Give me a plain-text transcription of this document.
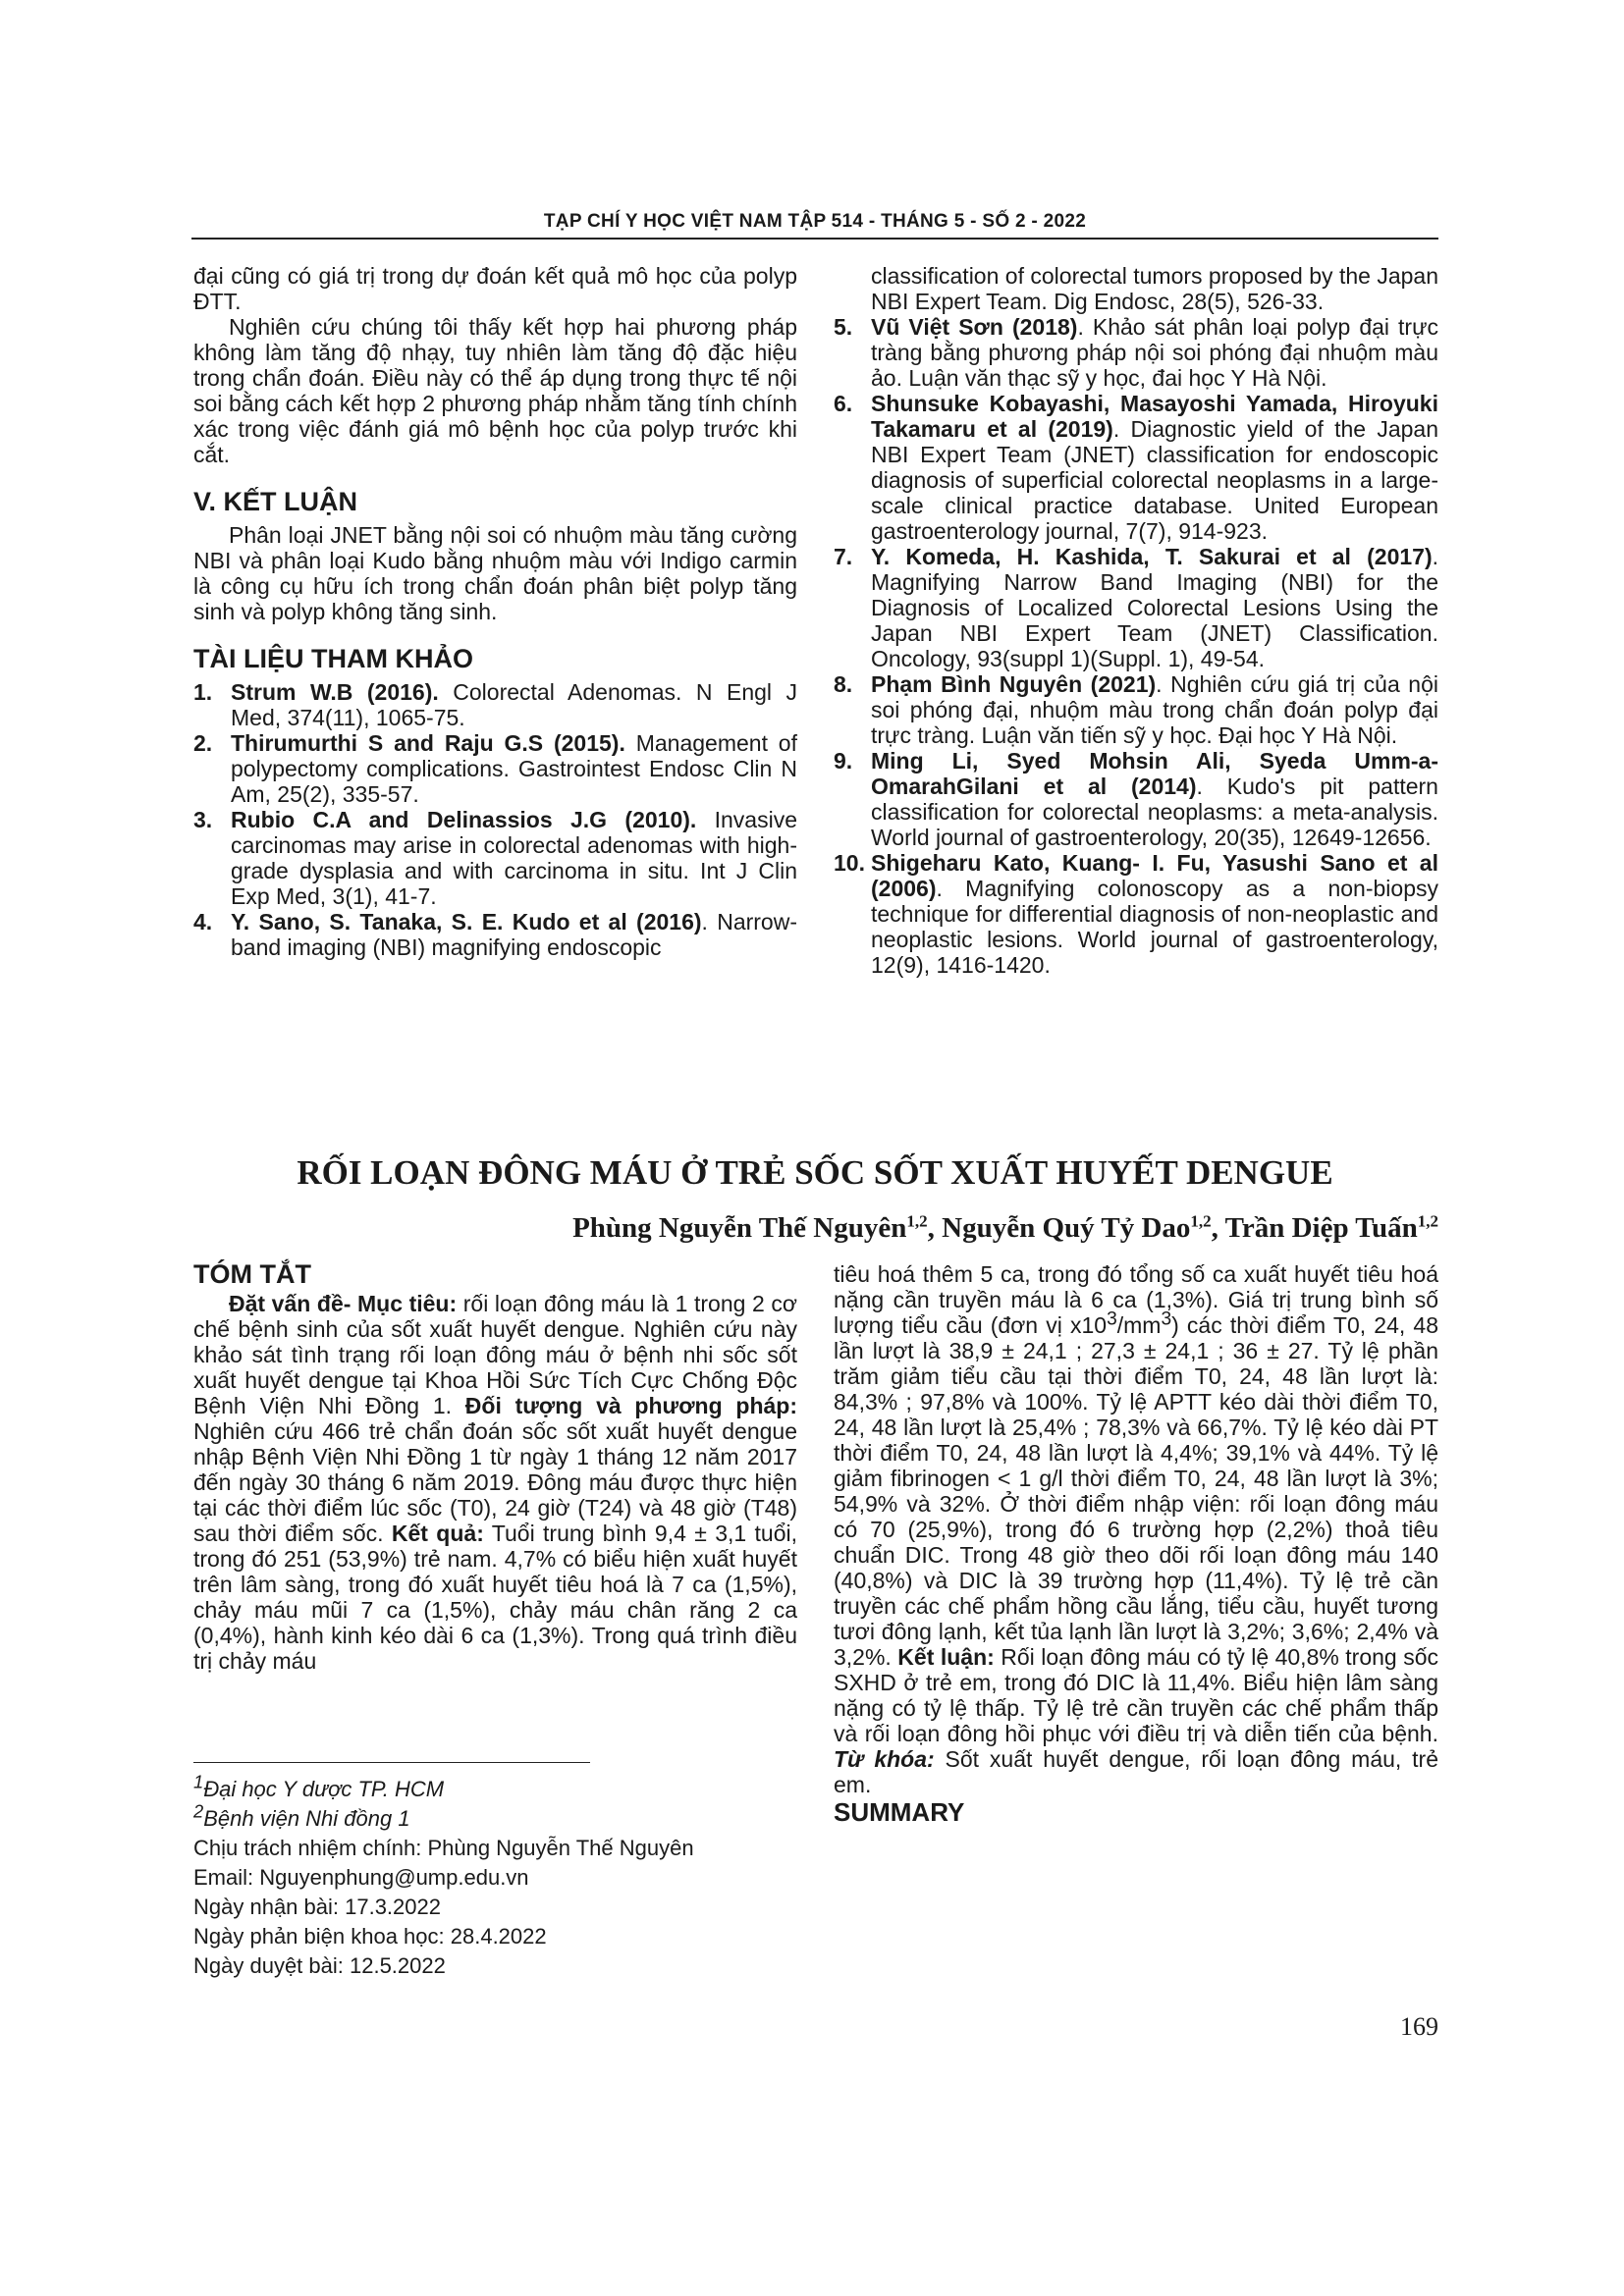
TẠP CHÍ Y HỌC VIỆT NAM TẬP 514 - THÁNG 5 - SỐ 2 - 2022

đại cũng có giá trị trong dự đoán kết quả mô học của polyp ĐTT.

Nghiên cứu chúng tôi thấy kết hợp hai phương pháp không làm tăng độ nhạy, tuy nhiên làm tăng độ đặc hiệu trong chẩn đoán. Điều này có thể áp dụng trong thực tế nội soi bằng cách kết hợp 2 phương pháp nhằm tăng tính chính xác trong việc đánh giá mô bệnh học của polyp trước khi cắt.

V. KẾT LUẬN

Phân loại JNET bằng nội soi có nhuộm màu tăng cường NBI và phân loại Kudo bằng nhuộm màu với Indigo carmin là công cụ hữu ích trong chẩn đoán phân biệt polyp tăng sinh và polyp không tăng sinh.

TÀI LIỆU THAM KHẢO
1. Strum W.B (2016). Colorectal Adenomas. N Engl J Med, 374(11), 1065-75.
2. Thirumurthi S and Raju G.S (2015). Management of polypectomy complications. Gastrointest Endosc Clin N Am, 25(2), 335-57.
3. Rubio C.A and Delinassios J.G (2010). Invasive carcinomas may arise in colorectal adenomas with high-grade dysplasia and with carcinoma in situ. Int J Clin Exp Med, 3(1), 41-7.
4. Y. Sano, S. Tanaka, S. E. Kudo et al (2016). Narrow-band imaging (NBI) magnifying endoscopic
classification of colorectal tumors proposed by the Japan NBI Expert Team. Dig Endosc, 28(5), 526-33.
5. Vũ Việt Sơn (2018). Khảo sát phân loại polyp đại trực tràng bằng phương pháp nội soi phóng đại nhuộm màu ảo. Luận văn thạc sỹ y học, đai học Y Hà Nội.
6. Shunsuke Kobayashi, Masayoshi Yamada, Hiroyuki Takamaru et al (2019). Diagnostic yield of the Japan NBI Expert Team (JNET) classification for endoscopic diagnosis of superficial colorectal neoplasms in a large-scale clinical practice database. United European gastroenterology journal, 7(7), 914-923.
7. Y. Komeda, H. Kashida, T. Sakurai et al (2017). Magnifying Narrow Band Imaging (NBI) for the Diagnosis of Localized Colorectal Lesions Using the Japan NBI Expert Team (JNET) Classification. Oncology, 93(suppl 1)(Suppl. 1), 49-54.
8. Phạm Bình Nguyên (2021). Nghiên cứu giá trị của nội soi phóng đại, nhuộm màu trong chẩn đoán polyp đại trực tràng. Luận văn tiến sỹ y học. Đại học Y Hà Nội.
9. Ming Li, Syed Mohsin Ali, Syeda Umm-a-OmarahGilani et al (2014). Kudo's pit pattern classification for colorectal neoplasms: a meta-analysis. World journal of gastroenterology, 20(35), 12649-12656.
10. Shigeharu Kato, Kuang- I. Fu, Yasushi Sano et al (2006). Magnifying colonoscopy as a non-biopsy technique for differential diagnosis of non-neoplastic and neoplastic lesions. World journal of gastroenterology, 12(9), 1416-1420.
RỐI LOẠN ĐÔNG MÁU Ở TRẺ SỐC SỐT XUẤT HUYẾT DENGUE
Phùng Nguyễn Thế Nguyên$^{1,2}$, Nguyễn Quý Tỷ Dao$^{1,2}$, Trần Diệp Tuấn$^{1,2}$
TÓM TẮT

Đặt vấn đề- Mục tiêu: rối loạn đông máu là 1 trong 2 cơ chế bệnh sinh của sốt xuất huyết dengue. Nghiên cứu này khảo sát tình trạng rối loạn đông máu ở bệnh nhi sốc sốt xuất huyết dengue tại Khoa Hồi Sức Tích Cực Chống Độc Bệnh Viện Nhi Đồng 1. Đối tượng và phương pháp: Nghiên cứu 466 trẻ chẩn đoán sốc sốt xuất huyết dengue nhập Bệnh Viện Nhi Đồng 1 từ ngày 1 tháng 12 năm 2017 đến ngày 30 tháng 6 năm 2019. Đông máu được thực hiện tại các thời điểm lúc sốc (T0), 24 giờ (T24) và 48 giờ (T48) sau thời điểm sốc. Kết quả: Tuổi trung bình 9,4 ± 3,1 tuổi, trong đó 251 (53,9%) trẻ nam. 4,7% có biểu hiện xuất huyết trên lâm sàng, trong đó xuất huyết tiêu hoá là 7 ca (1,5%), chảy máu mũi 7 ca (1,5%), chảy máu chân răng 2 ca (0,4%), hành kinh kéo dài 6 ca (1,3%). Trong quá trình điều trị chảy máu

$^1$Đại học Y dược TP. HCM
$^2$Bệnh viện Nhi đồng 1
Chịu trách nhiệm chính: Phùng Nguyễn Thế Nguyên
Email: Nguyenphung@ump.edu.vn
Ngày nhận bài: 17.3.2022
Ngày phản biện khoa học: 28.4.2022
Ngày duyệt bài: 12.5.2022

tiêu hoá thêm 5 ca, trong đó tổng số ca xuất huyết tiêu hoá nặng cần truyền máu là 6 ca (1,3%). Giá trị trung bình số lượng tiểu cầu (đơn vị $x10^3/mm^3$) các thời điểm T0, 24, 48 lần lượt là 38,9 ± 24,1 ; 27,3 ± 24,1 ; 36 ± 27. Tỷ lệ phần trăm giảm tiểu cầu tại thời điểm T0, 24, 48 lần lượt là: 84,3% ; 97,8% và 100%. Tỷ lệ APTT kéo dài thời điểm T0, 24, 48 lần lượt là 25,4% ; 78,3% và 66,7%. Tỷ lệ kéo dài PT thời điểm T0, 24, 48 lần lượt là 4,4%; 39,1% và 44%. Tỷ lệ giảm fibrinogen < 1 g/l thời điểm T0, 24, 48 lần lượt là 3%; 54,9% và 32%. Ở thời điểm nhập viện: rối loạn đông máu có 70 (25,9%), trong đó 6 trường hợp (2,2%) thoả tiêu chuẩn DIC. Trong 48 giờ theo dõi rối loạn đông máu 140 (40,8%) và DIC là 39 trường hợp (11,4%). Tỷ lệ trẻ cần truyền các chế phẩm hồng cầu lắng, tiểu cầu, huyết tương tươi đông lạnh, kết tủa lạnh lần lượt là 3,2%; 3,6%; 2,4% và 3,2%. Kết luận: Rối loạn đông máu có tỷ lệ 40,8% trong sốc SXHD ở trẻ em, trong đó DIC là 11,4%. Biểu hiện lâm sàng nặng có tỷ lệ thấp. Tỷ lệ trẻ cần truyền các chế phẩm thấp và rối loạn đông hồi phục với điều trị và diễn tiến của bệnh. Từ khóa: Sốt xuất huyết dengue, rối loạn đông máu, trẻ em.

SUMMARY
169
